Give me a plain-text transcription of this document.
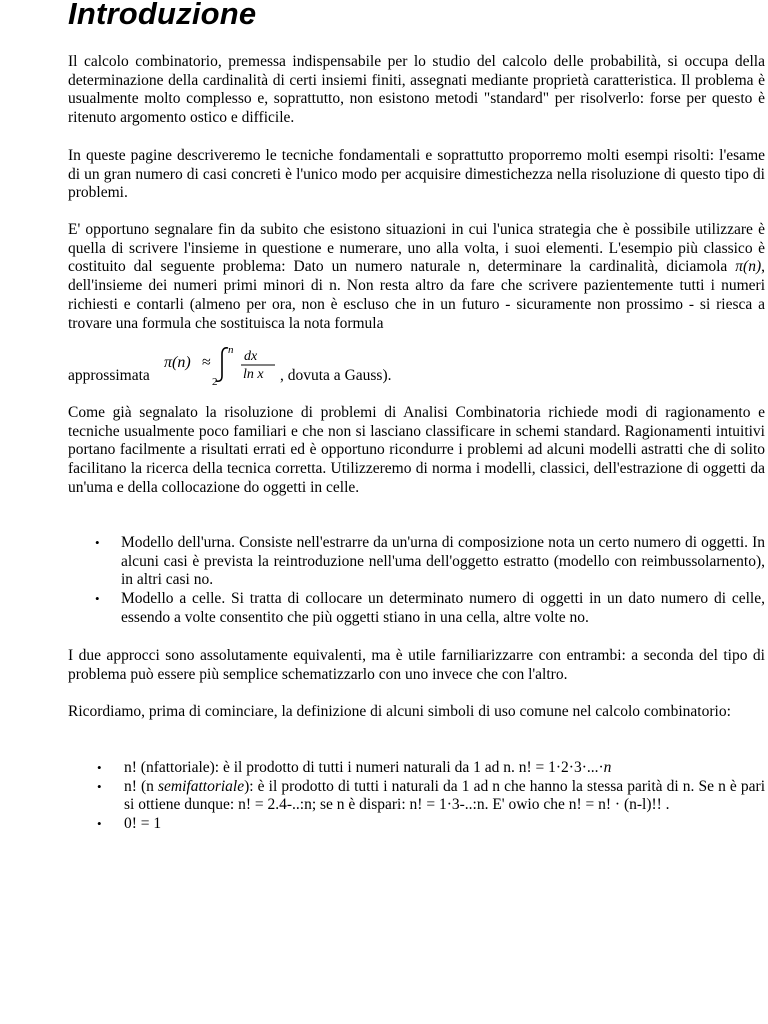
Introduzione

Il calcolo combinatorio, premessa indispensabile per lo studio del calcolo delle probabilità, si occupa della determinazione della cardinalità di certi insiemi finiti, assegnati mediante proprietà caratteristica. Il problema è usualmente molto complesso e, soprattutto, non esistono metodi "standard" per risolverlo: forse per questo è ritenuto argomento ostico e difficile.

In queste pagine descriveremo le tecniche fondamentali e soprattutto proporremo molti esempi risolti: l'esame di un gran numero di casi concreti è l'unico modo per acquisire dimestichezza nella risoluzione di questo tipo di problemi.

E' opportuno segnalare fin da subito che esistono situazioni in cui l'unica strategia che è possibile utilizzare è quella di scrivere l'insieme in questione e numerare, uno alla volta, i suoi elementi. L'esempio più classico è costituito dal seguente problema: Dato un numero naturale n, determinare la cardinalità, diciamola π(n), dell'insieme dei numeri primi minori di n. Non resta altro da fare che scrivere pazientemente tutti i numeri richiesti e contarli (almeno per ora, non è escluso che in un futuro - sicuramente non prossimo - si riesca a trovare una formula che sostituisca la nota formula

approssimata
π(n) ≈
n
2
dx
ln x , dovuta a Gauss).

Come già segnalato la risoluzione di problemi di Analisi Combinatoria richiede modi di ragionamento e tecniche usualmente poco familiari e che non si lasciano classificare in schemi standard. Ragionamenti intuitivi portano facilmente a risultati errati ed è opportuno ricondurre i problemi ad alcuni modelli astratti che di solito facilitano la ricerca della tecnica corretta. Utilizzeremo di norma i modelli, classici, dell'estrazione di oggetti da un'uma e della collocazione do oggetti in celle.

• Modello dell'urna. Consiste nell'estrarre da un'urna di composizione nota un certo numero di oggetti. In alcuni casi è prevista la reintroduzione nell'uma dell'oggetto estratto (modello con reimbussolarnento), in altri casi no.
• Modello a celle. Si tratta di collocare un determinato numero di oggetti in un dato numero di celle, essendo a volte consentito che più oggetti stiano in una cella, altre volte no.

I due approcci sono assolutamente equivalenti, ma è utile farniliarizzarre con entrambi: a seconda del tipo di problema può essere più semplice schematizzarlo con uno invece che con l'altro.

Ricordiamo, prima di cominciare, la definizione di alcuni simboli di uso comune nel calcolo combinatorio:

• n! (nfattoriale): è il prodotto di tutti i numeri naturali da 1 ad n. n! = 1·2·3·...·n
• n! (n semifattoriale): è il prodotto di tutti i naturali da 1 ad n che hanno la stessa parità di n. Se n è pari si ottiene dunque: n! = 2.4-..:n; se n è dispari: n! = 1·3-..:n. E' owio che n! = n! · (n-l)!! .
• 0! = 1
